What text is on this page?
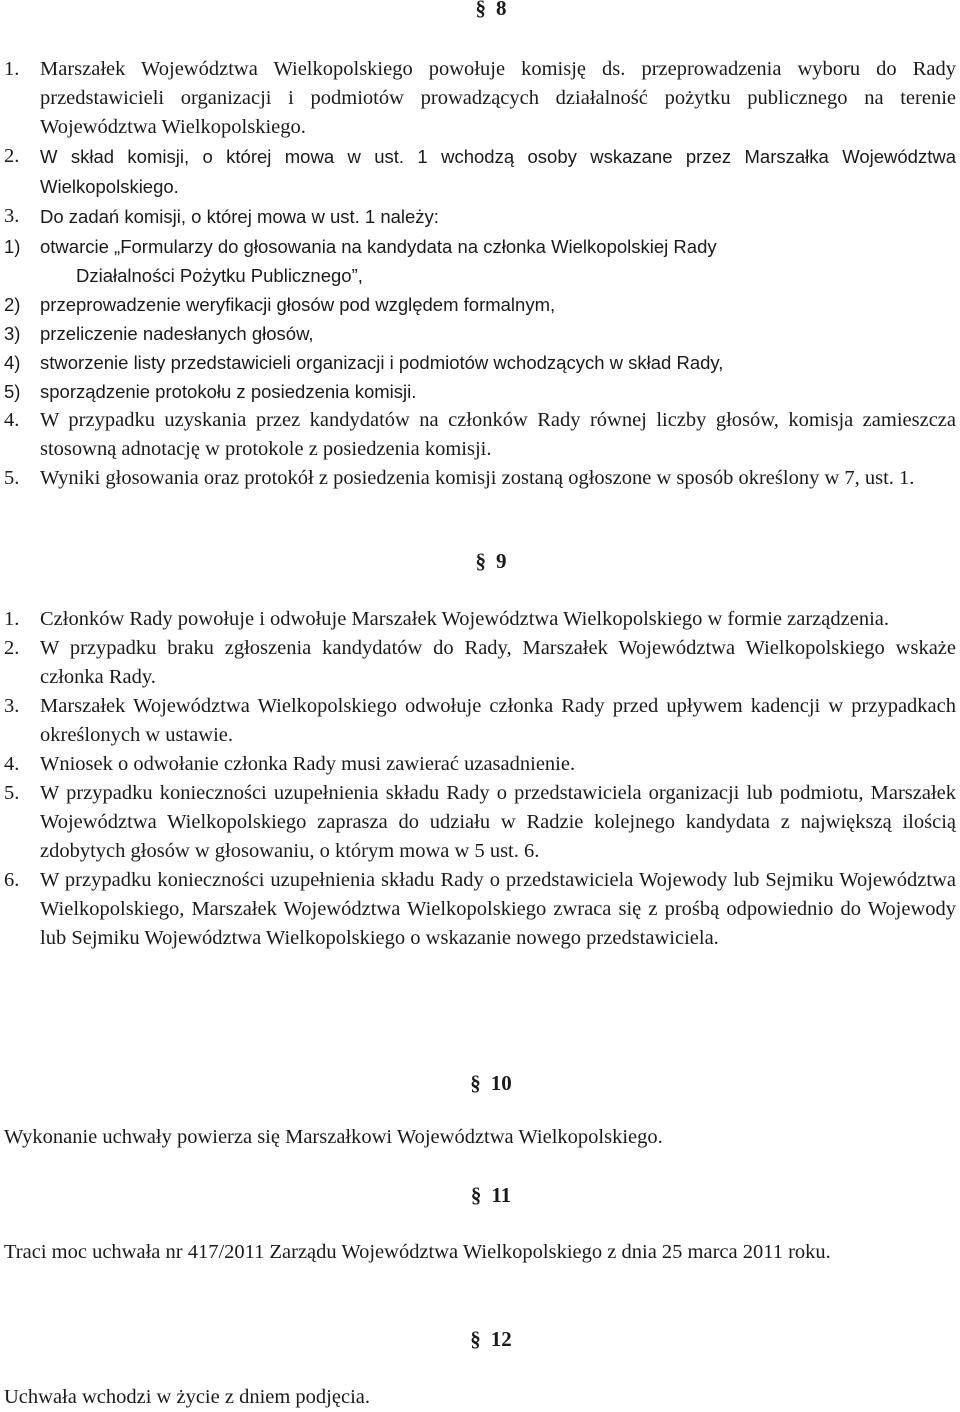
§ 8
1. Marszałek Województwa Wielkopolskiego powołuje komisję ds. przeprowadzenia wyboru do Rady przedstawicieli organizacji i podmiotów prowadzących działalność pożytku publicznego na terenie Województwa Wielkopolskiego.
2. W skład komisji, o której mowa w ust. 1 wchodzą osoby wskazane przez Marszałka Województwa Wielkopolskiego.
3. Do zadań komisji, o której mowa w ust. 1 należy:
1) otwarcie „Formularzy do głosowania na kandydata na członka Wielkopolskiej Rady
Działalności Pożytku Publicznego”,
2) przeprowadzenie weryfikacji głosów pod względem formalnym,
3) przeliczenie nadesłanych głosów,
4) stworzenie listy przedstawicieli organizacji i podmiotów wchodzących w skład Rady,
5) sporządzenie protokołu z posiedzenia komisji.
4. W przypadku uzyskania przez kandydatów na członków Rady równej liczby głosów, komisja zamieszcza stosowną adnotację w protokole z posiedzenia komisji.
5. Wyniki głosowania oraz protokół z posiedzenia komisji zostaną ogłoszone w sposób określony w 7, ust. 1.
§ 9
1. Członków Rady powołuje i odwołuje Marszałek Województwa Wielkopolskiego w formie zarządzenia.
2. W przypadku braku zgłoszenia kandydatów do Rady, Marszałek Województwa Wielkopolskiego wskaże członka Rady.
3. Marszałek Województwa Wielkopolskiego odwołuje członka Rady przed upływem kadencji w przypadkach określonych w ustawie.
4. Wniosek o odwołanie członka Rady musi zawierać uzasadnienie.
5. W przypadku konieczności uzupełnienia składu Rady o przedstawiciela organizacji lub podmiotu, Marszałek Województwa Wielkopolskiego zaprasza do udziału w Radzie kolejnego kandydata z największą ilością zdobytych głosów w głosowaniu, o którym mowa w 5 ust. 6.
6. W przypadku konieczności uzupełnienia składu Rady o przedstawiciela Wojewody lub Sejmiku Województwa Wielkopolskiego, Marszałek Województwa Wielkopolskiego zwraca się z prośbą odpowiednio do Wojewody lub Sejmiku Województwa Wielkopolskiego o wskazanie nowego przedstawiciela.
§ 10
Wykonanie uchwały powierza się Marszałkowi Województwa Wielkopolskiego.
§ 11
Traci moc uchwała nr 417/2011 Zarządu Województwa Wielkopolskiego z dnia 25 marca 2011 roku.
§ 12
Uchwała wchodzi w życie z dniem podjęcia.
